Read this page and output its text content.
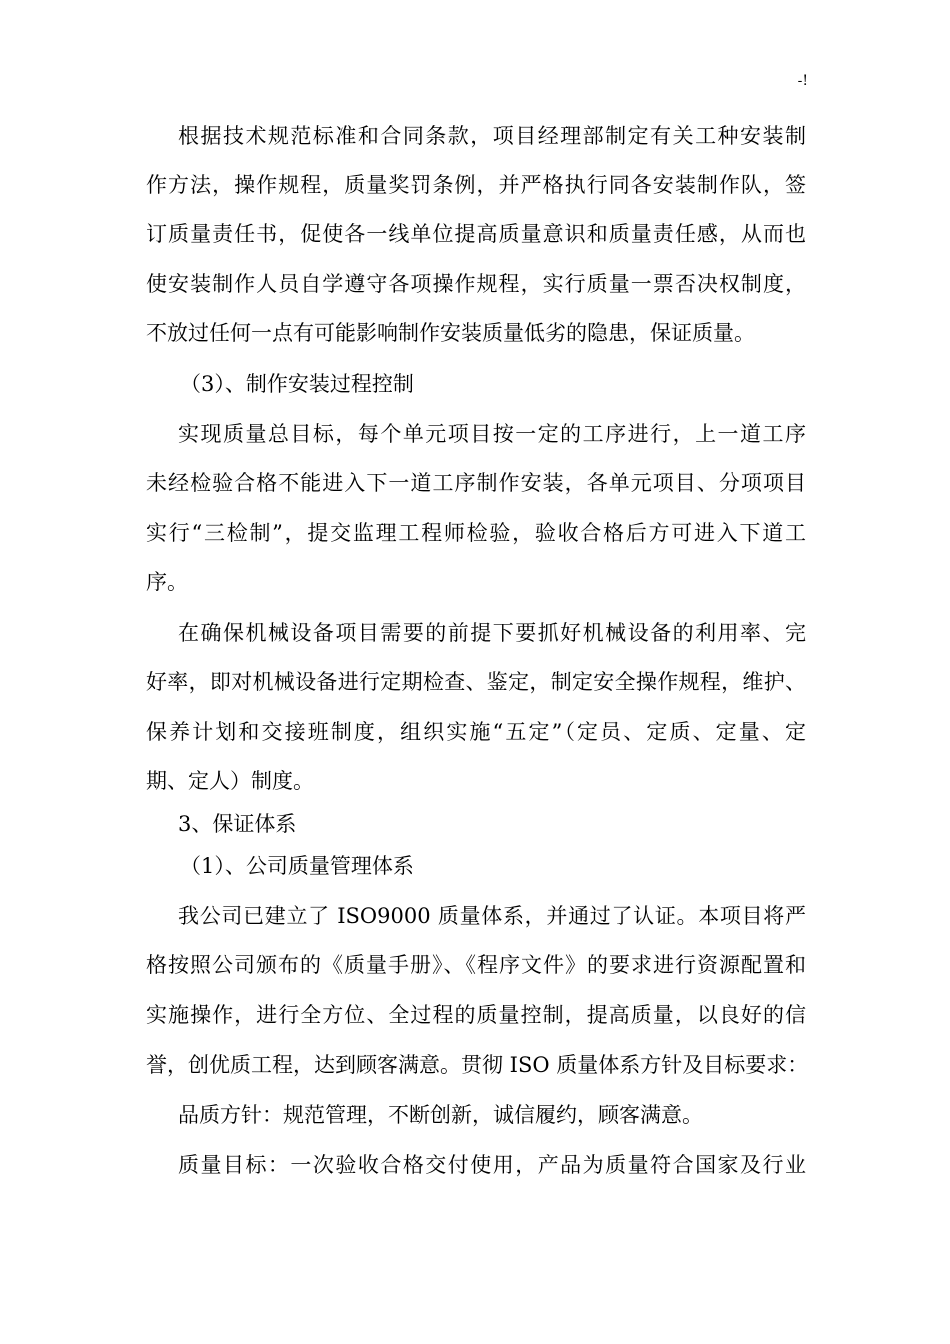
-!
根据技术规范标准和合同条款，项目经理部制定有关工种安装制
作方法，操作规程，质量奖罚条例，并严格执行同各安装制作队，签
订质量责任书，促使各一线单位提高质量意识和质量责任感，从而也
使安装制作人员自学遵守各项操作规程，实行质量一票否决权制度，
不放过任何一点有可能影响制作安装质量低劣的隐患，保证质量。
（3）、制作安装过程控制
实现质量总目标，每个单元项目按一定的工序进行，上一道工序
未经检验合格不能进入下一道工序制作安装，各单元项目、分项项目
实行“三检制”，提交监理工程师检验，验收合格后方可进入下道工
序。
在确保机械设备项目需要的前提下要抓好机械设备的利用率、完
好率，即对机械设备进行定期检查、鉴定，制定安全操作规程，维护、
保养计划和交接班制度，组织实施“五定”（定员、定质、定量、定
期、定人）制度。
3、保证体系
（1）、公司质量管理体系
我公司已建立了 ISO9000 质量体系，并通过了认证。本项目将严
格按照公司颁布的《质量手册》、《程序文件》的要求进行资源配置和
实施操作，进行全方位、全过程的质量控制，提高质量，以良好的信
誉，创优质工程，达到顾客满意。贯彻 ISO 质量体系方针及目标要求：
品质方针：规范管理，不断创新，诚信履约，顾客满意。
质量目标：一次验收合格交付使用，产品为质量符合国家及行业
